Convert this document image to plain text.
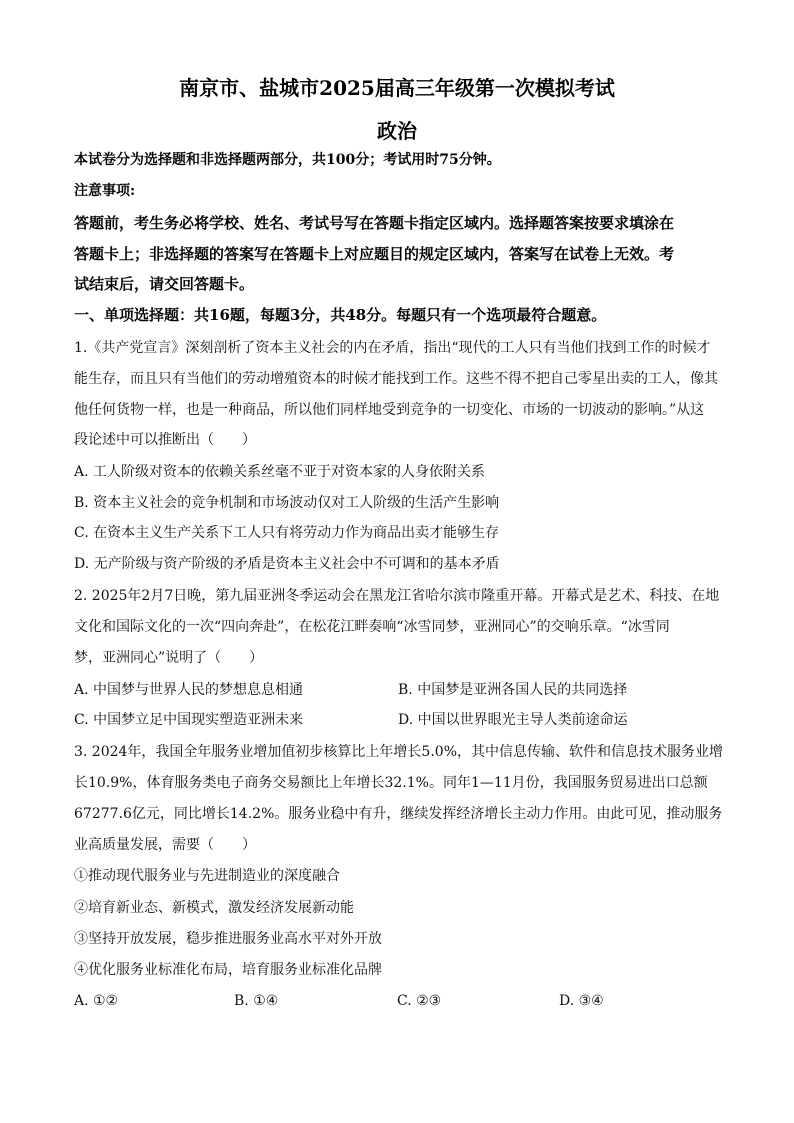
南京市、盐城市2025届高三年级第一次模拟考试
政治
本试卷分为选择题和非选择题两部分，共100分；考试用时75分钟。
注意事项:
答题前，考生务必将学校、姓名、考试号写在答题卡指定区域内。选择题答案按要求填涂在
答题卡上；非选择题的答案写在答题卡上对应题目的规定区域内，答案写在试卷上无效。考
试结束后，请交回答题卡。
一、单项选择题：共16题，每题3分，共48分。每题只有一个选项最符合题意。
1.《共产党宣言》深刻剖析了资本主义社会的内在矛盾，指出“现代的工人只有当他们找到工作的时候才
能生存，而且只有当他们的劳动增殖资本的时候才能找到工作。这些不得不把自己零星出卖的工人，像其
他任何货物一样，也是一种商品，所以他们同样地受到竞争的一切变化、市场的一切波动的影响。”从这
段论述中可以推断出（　　）
A. 工人阶级对资本的依赖关系丝毫不亚于对资本家的人身依附关系
B. 资本主义社会的竞争机制和市场波动仅对工人阶级的生活产生影响
C. 在资本主义生产关系下工人只有将劳动力作为商品出卖才能够生存
D. 无产阶级与资产阶级的矛盾是资本主义社会中不可调和的基本矛盾
2. 2025年2月7日晚，第九届亚洲冬季运动会在黑龙江省哈尔滨市隆重开幕。开幕式是艺术、科技、在地
文化和国际文化的一次“四向奔赴”，在松花江畔奏响“冰雪同梦，亚洲同心”的交响乐章。“冰雪同
梦，亚洲同心”说明了（　　）
A. 中国梦与世界人民的梦想息息相通	B. 中国梦是亚洲各国人民的共同选择
C. 中国梦立足中国现实塑造亚洲未来	D. 中国以世界眼光主导人类前途命运
3. 2024年，我国全年服务业增加值初步核算比上年增长5.0%，其中信息传输、软件和信息技术服务业增
长10.9%，体育服务类电子商务交易额比上年增长32.1%。同年1—11月份，我国服务贸易进出口总额
67277.6亿元，同比增长14.2%。服务业稳中有升，继续发挥经济增长主动力作用。由此可见，推动服务
业高质量发展，需要（　　）
①推动现代服务业与先进制造业的深度融合
②培育新业态、新模式，激发经济发展新动能
③坚持开放发展，稳步推进服务业高水平对外开放
④优化服务业标准化布局，培育服务业标准化品牌
A. ①②	B. ①④	C. ②③	D. ③④
